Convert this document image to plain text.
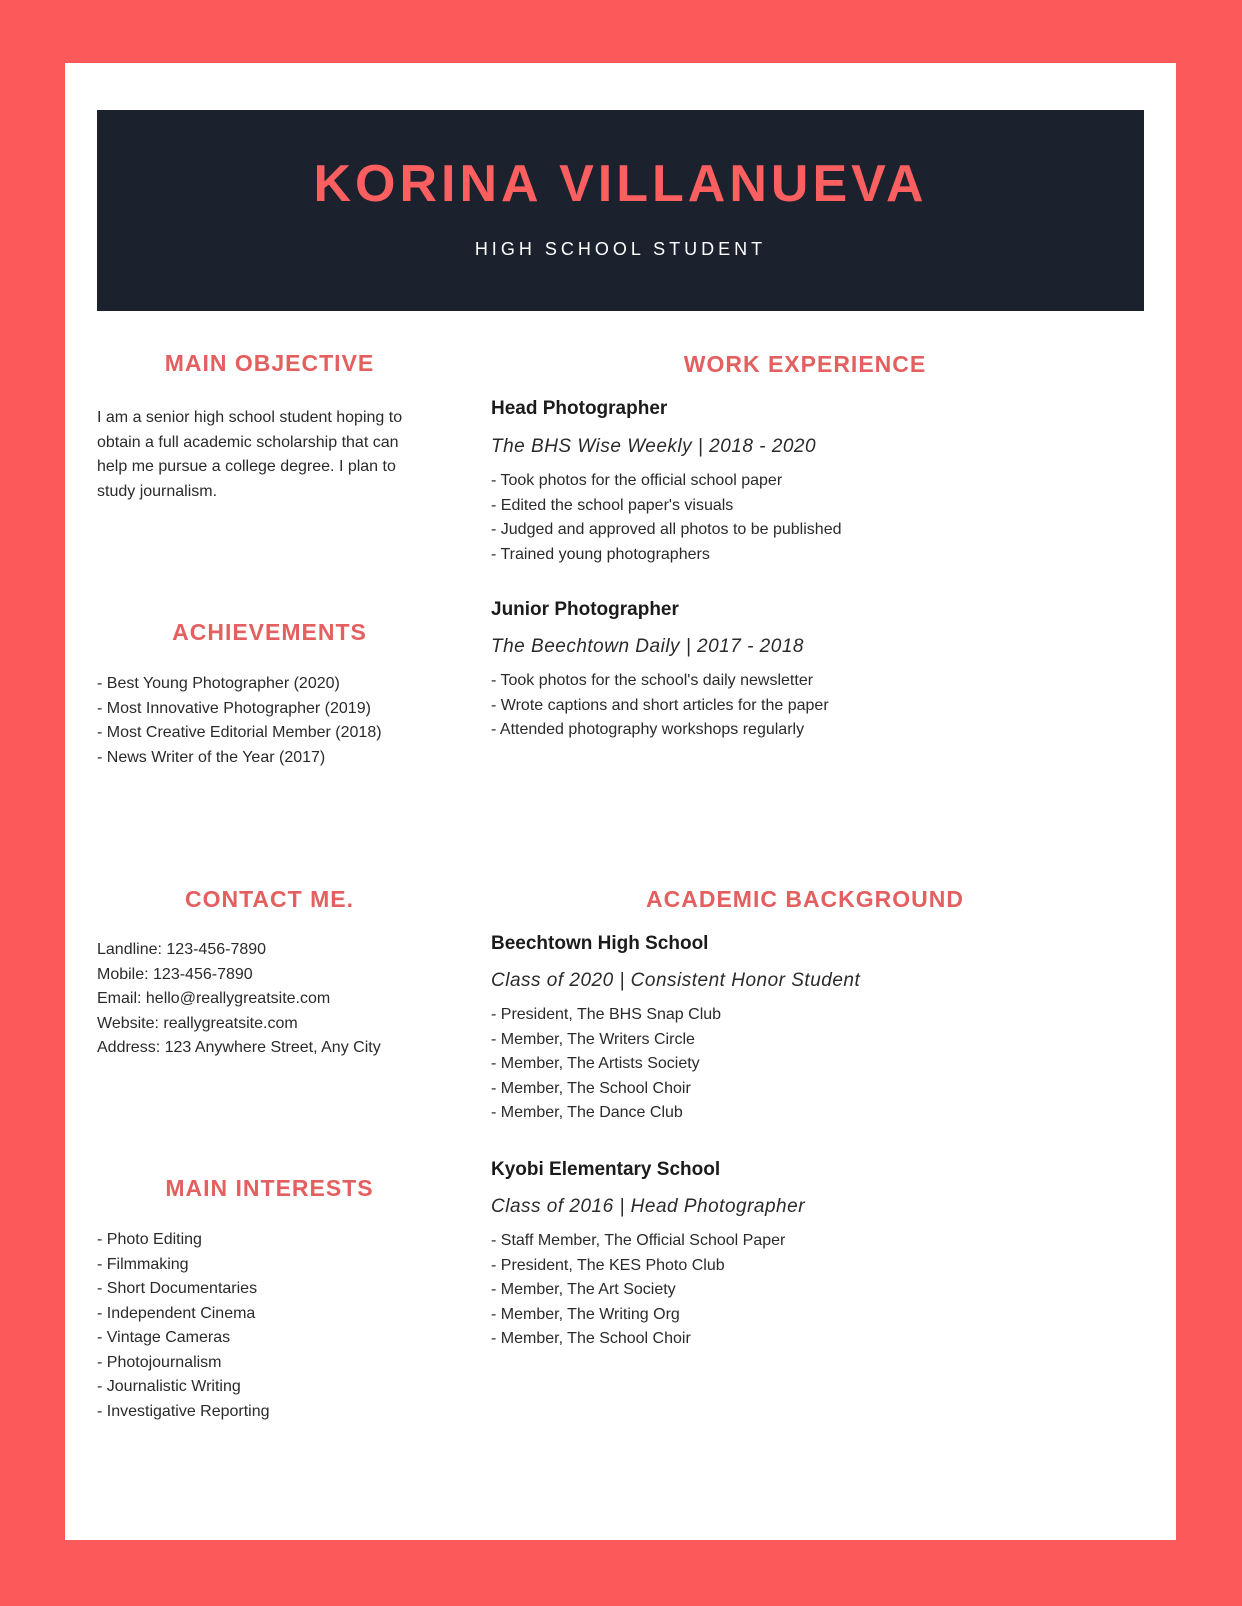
KORINA VILLANUEVA
HIGH SCHOOL STUDENT
MAIN OBJECTIVE
I am a senior high school student hoping to
obtain a full academic scholarship that can
help me pursue a college degree. I plan to
study journalism.
ACHIEVEMENTS
- Best Young Photographer (2020)
- Most Innovative Photographer (2019)
- Most Creative Editorial Member (2018)
- News Writer of the Year (2017)
CONTACT ME.
Landline: 123-456-7890
Mobile: 123-456-7890
Email: hello@reallygreatsite.com
Website: reallygreatsite.com
Address: 123 Anywhere Street, Any City
MAIN INTERESTS
- Photo Editing
- Filmmaking
- Short Documentaries
- Independent Cinema
- Vintage Cameras
- Photojournalism
- Journalistic Writing
- Investigative Reporting
WORK EXPERIENCE
Head Photographer
The BHS Wise Weekly | 2018 - 2020
- Took photos for the official school paper
- Edited the school paper's visuals
- Judged and approved all photos to be published
- Trained young photographers
Junior Photographer
The Beechtown Daily | 2017 - 2018
- Took photos for the school's daily newsletter
- Wrote captions and short articles for the paper
- Attended photography workshops regularly
ACADEMIC BACKGROUND
Beechtown High School
Class of 2020 | Consistent Honor Student
- President, The BHS Snap Club
- Member, The Writers Circle
- Member, The Artists Society
- Member, The School Choir
- Member, The Dance Club
Kyobi Elementary School
Class of 2016 | Head Photographer
- Staff Member, The Official School Paper
- President, The KES Photo Club
- Member, The Art Society
- Member, The Writing Org
- Member, The School Choir
